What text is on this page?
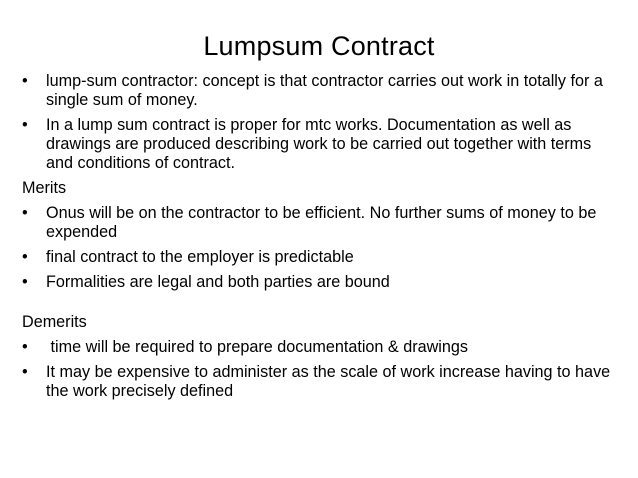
Lumpsum Contract
•	lump-sum contractor: concept is that contractor carries out work in totally for a single sum of money.
•	In a lump sum contract is proper for mtc works. Documentation as well as drawings are produced describing work to be carried out together with terms and conditions of contract.
Merits
•	Onus will be on the contractor to be efficient. No further sums of money to be expended
•	final contract to the employer is predictable
•	Formalities are legal and both parties are bound
Demerits
•	time will be required to prepare documentation & drawings
•	It may be expensive to administer as the scale of work increase having to have the work precisely defined
